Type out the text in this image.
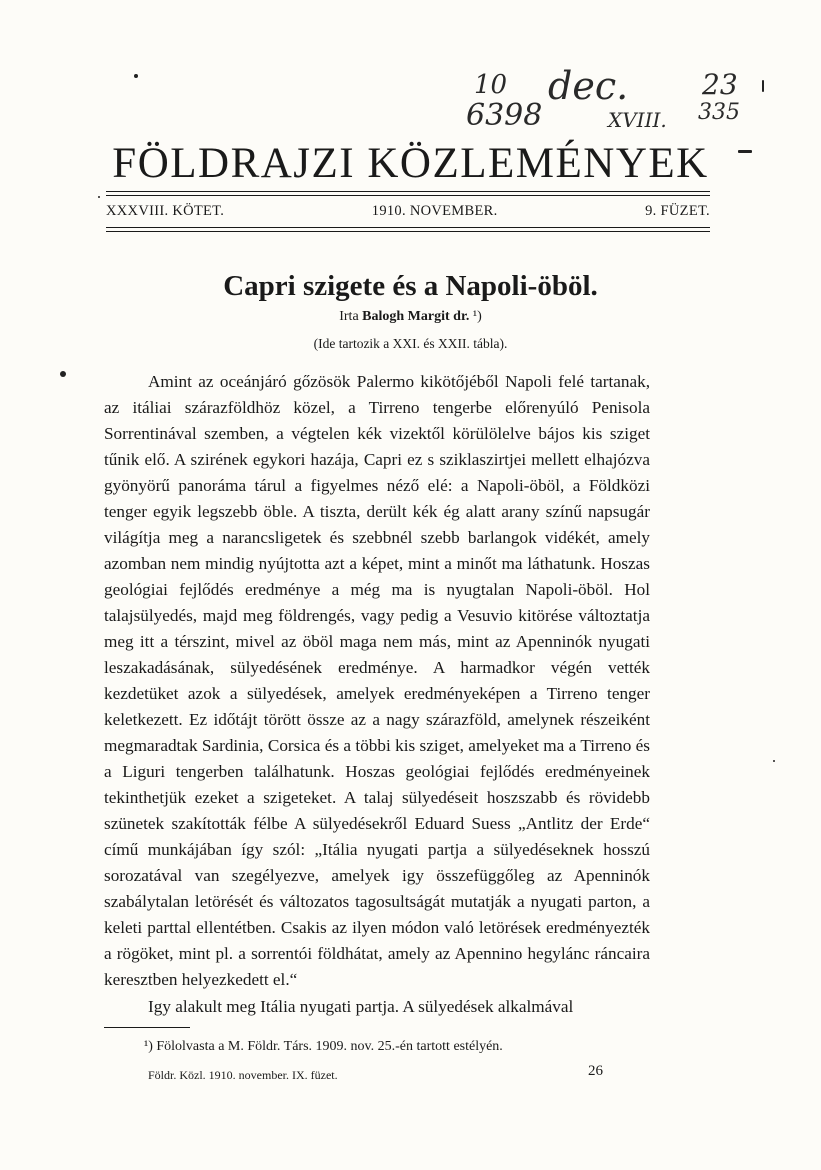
10 dec.
6398	XVIII.
23
335
FÖLDRAJZI KÖZLEMÉNYEK
XXXVIII. KÖTET.	1910. NOVEMBER.	9. FÜZET.
Capri szigete és a Napoli-öböl.
Irta Balogh Margit dr. ¹)
(Ide tartozik a XXI. és XXII. tábla).

Amint az oceánjáró gőzösök Palermo kikötőjéből Napoli felé tartanak, az itáliai szárazföldhöz közel, a Tirreno tengerbe előrenyúló Penisola Sorrentinával szemben, a végtelen kék vizektől körülölelve bájos kis sziget tűnik elő. A szirének egykori hazája, Capri ez s sziklaszirtjei mellett elhajózva gyönyörű panoráma tárul a figyelmes néző elé: a Napoli-öböl, a Földközi tenger egyik legszebb öble. A tiszta, derült kék ég alatt arany színű napsugár világítja meg a narancsligetek és szebbnél szebb barlangok vidékét, amely azomban nem mindig nyújtotta azt a képet, mint a minőt ma láthatunk. Hoszas geológiai fejlődés eredménye a még ma is nyugtalan Napoli-öböl. Hol talajsülyedés, majd meg földrengés, vagy pedig a Vesuvio kitörése változtatja meg itt a térszint, mivel az öböl maga nem más, mint az Apenninók nyugati leszakadásának, sülyedésének eredménye. A harmadkor végén vették kezdetüket azok a sülyedések, amelyek eredményeképen a Tirreno tenger keletkezett. Ez időtájt törött össze az a nagy szárazföld, amelynek részeiként megmaradtak Sardinia, Corsica és a többi kis sziget, amelyeket ma a Tirreno és a Liguri tengerben találhatunk. Hoszas geológiai fejlődés eredményeinek tekinthetjük ezeket a szigeteket. A talaj sülyedéseit hoszszabb és rövidebb szünetek szakították félbe A sülyedésekről Eduard Suess „Antlitz der Erde“ című munkájában így szól: „Itália nyugati partja a sülyedéseknek hosszú sorozatával van szegélyezve, amelyek igy összefüggőleg az Apenninók szabálytalan letörését és változatos tagosultságát mutatják a nyugati parton, a keleti parttal ellentétben. Csakis az ilyen módon való letörések eredményezték a rögöket, mint pl. a sorrentói földhátat, amely az Apennino hegylánc ráncaira keresztben helyezkedett el.“

Igy alakult meg Itália nyugati partja. A sülyedések alkalmával

¹) Fölolvasta a M. Földr. Társ. 1909. nov. 25.-én tartott estélyén.
Földr. Közl. 1910. november. IX. füzet.	26
